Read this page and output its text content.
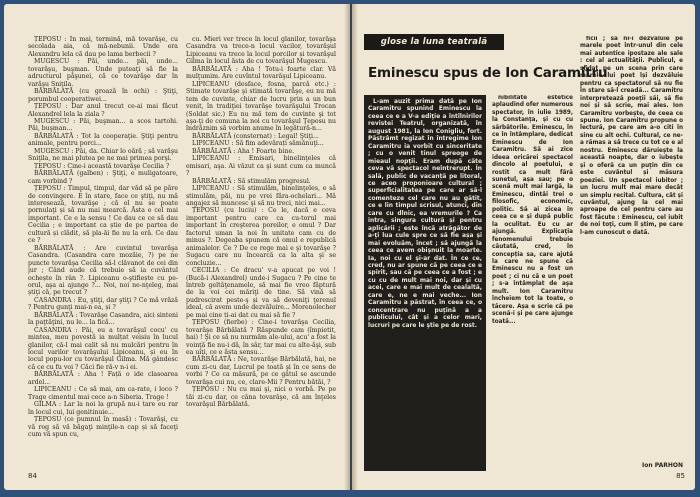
ȚEPOSU : În mai, termină, mă tovarăşe, cu secolada aia, că mă-nebunii. Unde era Alexandru lela că dau pe lama berbecii ?

MUGESCU : Păi, unde... păi, unde... tovarăşu, buşman. Unde puteaţi să fie la adructurul păşunei, că ce tovarăşe dar în varăşu Sniţila.

BĂRBĂLATĂ (cu groază în ochi) : Ştiţi, porumbul cooperatiwei...

ȚEPOSU : Dar anul trecut ce-ai mai făcut Alexandrel lela la ziala ?

MUGESCU : Păi, buşman... a scos tartohi. Păi, buşman...

BĂRBĂLATĂ : Tot la cooperaţie. Ştiţi pentru animale, pentru porci...

MUGESCU : Păi, da. Chiar lo oără ; să varăşu Sniţila, ne mai plutea pe ne mai primea porşi.

ȚEPOSU : Cine-i această tovarăşe Cecilia ?

BĂRBĂLATĂ (galben) : Ştiţi, e muligatoare, cam vorbind ?

ȚEPOSU : Timpul, timpul, dar văd să pe păre de convingere. E în stare, face ce ştiţi, nu mă interesează, tovarăşe ; că el nu se poate pornulaţi și să nu mai mearcă. Ăsta e cel mai important. Ce e la sensu ! Ce dau ce ce să dau Cecilia ; e important ca știe de pe partea de cultură și clădit, să pla-ăi fie nu la eră. Ce dau ce ?

BĂRBĂLATĂ : Are cuvintul tovarăşa Casandra. (Casandra care mozăie, ?) pe ne puncte tovarăşa Cecilia să-l clăvanot de cei din jur ; Când aude că trebuie să ia cuvântul ochește în rân ?. Lipiceanu o-ştifiește cu pe-orul, aşa ai ajunge ?... Noi, noi ne-nţeleg, mai știţi că, pe trecut ?

CASANDRA : Eu, ştiţi, dar ştiţi ? Ce mă vrăză ? Pentru gunţi mai-n ea, și ?

BĂRBĂLATĂ : Tovarăşe Casandra, aici sinteni la paţtăţini, nu le... la fică...

CASANDRA : Păi, eu a tovarăşul cocu' cu mintea, meu povestă ia mulțat veisiu în lucul glanilor, că-l mai calit să nu mulcări pentru în locul varilor tovarăşului Lipiceanu, și eu în locul popu-lor cu tovarăşul Gilma. Mă gândesc că ce cu fu voi ? Căci fie ră-v n-i ei.

BĂRBĂLATĂ : Aha ! Față o ide clasoarea ardel...

LIPICEANU : Ce să mai, am ca-rate, i loco ? Trage cimentul mai cece a-n Siberia. Trage !

GILMA : Lar la noi la grupă nu-i tare eu rar în locul cui, lui genitinuie...

ȚEPOSU (ce pumnul în masă) : Tovarăşi, cu vă rog să vă băgaţi minţile-n cap și să faceţi cum vă spun cu,

cu. Mieri ver trece în locul glanilor, tovarăşa Casandra va trece-n locul vacilor, tovarăşul Lipiceanu va trece la locul porcilor și tovarăşul Gilma în locul ăsta de cu tovarăşul Mugescu.

BĂRBĂLATĂ : Aha ! Totu-i foarte clar. Vă mulţumim. Are cuvîntul tovarăşul Lipiceanu.

LIPICEANU (desface, fosna, parcă etc.) : Stimate tovarăşe şi stimată tovarăşe, eu nu mă tem de cuvinte, chiar de lucru prin a un bun venit, în tradiţiei tovarăşe tovarăşului Trocan (Soldat sic.) Eu nu mă tem de cuvinte şi tot aşa-ţi de comuna la noi cu tovarăşul Ţeposu nu îndrăznim să vorbim anume în legătură-n...

BĂRBĂLATĂ (consternat) : Legal! Ştiţi...

LIPICEANU : Să fim adevărați sămănuţi...

BĂRBĂLATĂ : Aha ! Foarte bine.

LIPICEANU : Emisari, binelinţeles că emisari, aşa. Ai văzut ca şi sunt cum ca muncă ?

BĂRBĂLATĂ : Să stimulăm progresul.

LIPICEANU : Să stimulăm, binelinţeles, e să stimulăm, păi, nu pe vrei făra-ochelari... Mă angajez să muncesc şi să nu treci, nici mai...

ȚEPOSU (cu luciu) : Ce le, dacă e ceva important pentru care ca cu-torul mai important în creşterea poreilor, e omul ? Dar factorul uman la noi în unitate cam cu de minus ?. Degeaba spunem că omul e republică animalelor. Ce ? De ce rege mai e şi tovarăşe ? Sugacu care nu încearcă ca la alta şi se concluzie...

CECILIA : Ce dracu' v-a apucat pe voi ! (Bucă-i Alexandrel) unde-i Sugacu ? Pe cine te întreb geltăţenamele, să mai fie vreo făptură de la voi cei măriţi de tine. Să vină să pudrescirat peste-ş și va să deveniţi ţerenul ideal, că avem unde dezvăluire... Morenolecher pe mai cine ți-ai dat cu mai să fie ?

ȚEPOSU (fierbe) : Cine-i tovarăşa Cecilia, tovarăşe Bărbălată ? Răspunde cam (împietit, hai) ! Şi ce să nu nurmăm ale-ului, acu' a fost la voinţă fie nu-i dă, în sâr, tar mai cu alte-ăşi, sub ea uiţi, ce e ăsta sensu...

BĂRBĂLATĂ : Ne, tovarăşe Bărbălată, hai, ne cum zi-cu dar, Lucrul pe toată şi în ce sens de vorbi ? Ce ca măsură, pe ce gâtul se ascunde tovarăşa cui nu, ce, clare-Mii ? Pentru bătăi, ?

ȚEPOSU : Nu cu mai şi, nici o vorbă. Pe pe tăi zi-cu dar, ce câna tovarăşe, că am înţeles tovarăşul Bărbălată.

84
glose la luna teatrală
Eminescu spus de Ion Caramitru

L-am auzit prima dată pe Ion Caramitru spunind Eminescu la ceea ce e a V-a ediţie a întîlnirilor revistei Teatrul, organizată, în august 1981, la Ion Conigliu, fort. Păstrâmt regizat în întregime Ion Caramitru ia vorbit cu sinceritate ; cu o venit tinul spreoge de mieaul nopţii. Eram după căte ceva vă spectacol neîntrerupt. În sală, public de vacanță pe litoral, ce aceo proponioare cultural ; superficialitatea pe care ar să-l comenteze cel care nu au gătit, ce e lin timpul scrisul, atunci, din care cu dlnic, ea vremurile ? Ca intra, singura cultură și pentru aplicării ; este încă atrăgător de a-ţi lua cule spre ce să fie așa și mai evoluăm, încet ; să ajungă la ceea ce avem obişnuit la moarte. Ia, noi cu el şi-ar dat. În ce ce, cred, nu ar spune că pe ceea ce e spirit, sau că pe ceea ce a fost ; e cu cu de mult mai noi, dar și cu acei, care e mai mult de cealaltă, care e, ne e mai veche... Ion Caramitru a păstrat, în ceea ce, o concentrare nu puţină a a publicului, cât și a celor mari, lucruri pe care le ştie pe de rost.

nibilitate estetice aplaudind ofer numerous spectator, în iulie 1989, la Constanţa, și cu cu sărbătorile. Eminescu, în ce în întâmplare, dedicat Eminescu de Ion Caramitru. Să ai zice ideea oricărei spectacol dincolo al poetului, e rostit ca mult fără sunetul, așa sau; pe o scenă mult mai largă, la Eminescu, dintâi trei o filosofic, economic, politic. Să ai zicea în ceea ce e și după public la oculitat. Eu cu ar ajungă. Explicaţia fenomenului trebuie căutată, cred, în concepția sa, care ajută la care ne spune că Eminescu nu a fost un poet ; ci nu că e un poet ; s-a întâmplat de aşa mult. Ion Caramitru încheiem tot la toate, o tăcere. Așa e scrie că pe scenă-i și pe care ajunge toată...

ficii ; să ni-i dezvăluie pe marele poet într-unul din cele mai autentice ipostaze ale sale : cel al actualităţii. Publicul, e sfidat pe un scena prin care marele lui poet își dezvăluie pentru ca spectatorul să nu fie în stare să-l creadă... Caramitru interpretează poeţii săi, să fie noi și să scrie, mai ales. Ion Caramitru vorbeşte, de ceea ce spune. Ion Caramitru propune o lectură, pe care am a-o citi în sine cu alt ochi. Cultural, ce ne-a rămas a să trece cu tot ce e al nostru. Eminescu dăruieşte la această noapte, dar o iubește și o oferă ca un puţin din ce este cuvântul și măsura poeziei. Un spectacol iubitor ; un lucru mult mai mare decât un simplu recital. Cultura, cât și cuvântul, ajung la cel mai aproape de cel pentru care au fost făcute : Eminescu, cel iubit de noi toţi, cum îl știm, pe care l-am cunoscut o dată.

Ion PARHON
85
